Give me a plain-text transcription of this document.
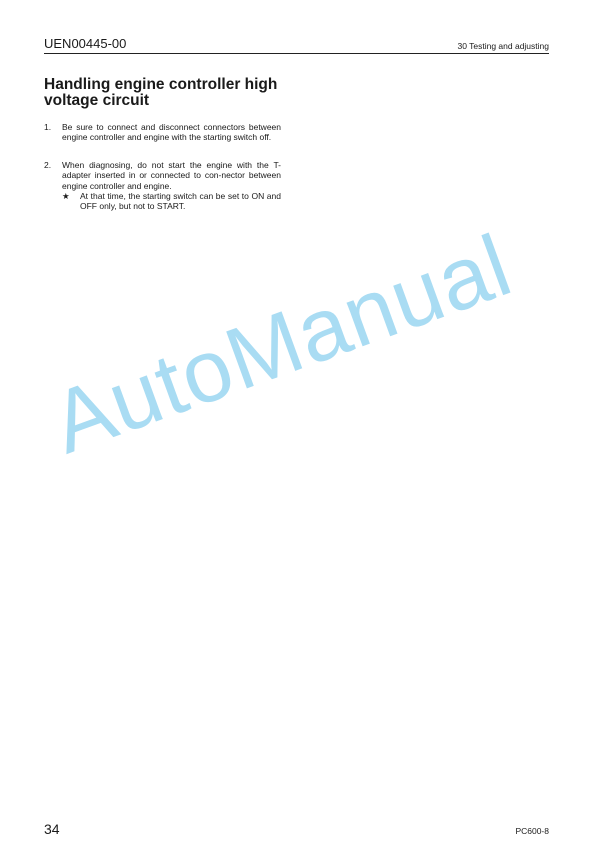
UEN00445-00	30 Testing and adjusting
Handling engine controller high voltage circuit
1. Be sure to connect and disconnect connectors between engine controller and engine with the starting switch off.
2. When diagnosing, do not start the engine with the T-adapter inserted in or connected to con-nector between engine controller and engine.
★ At that time, the starting switch can be set to ON and OFF only, but not to START.
AutoManual
34	PC600-8
